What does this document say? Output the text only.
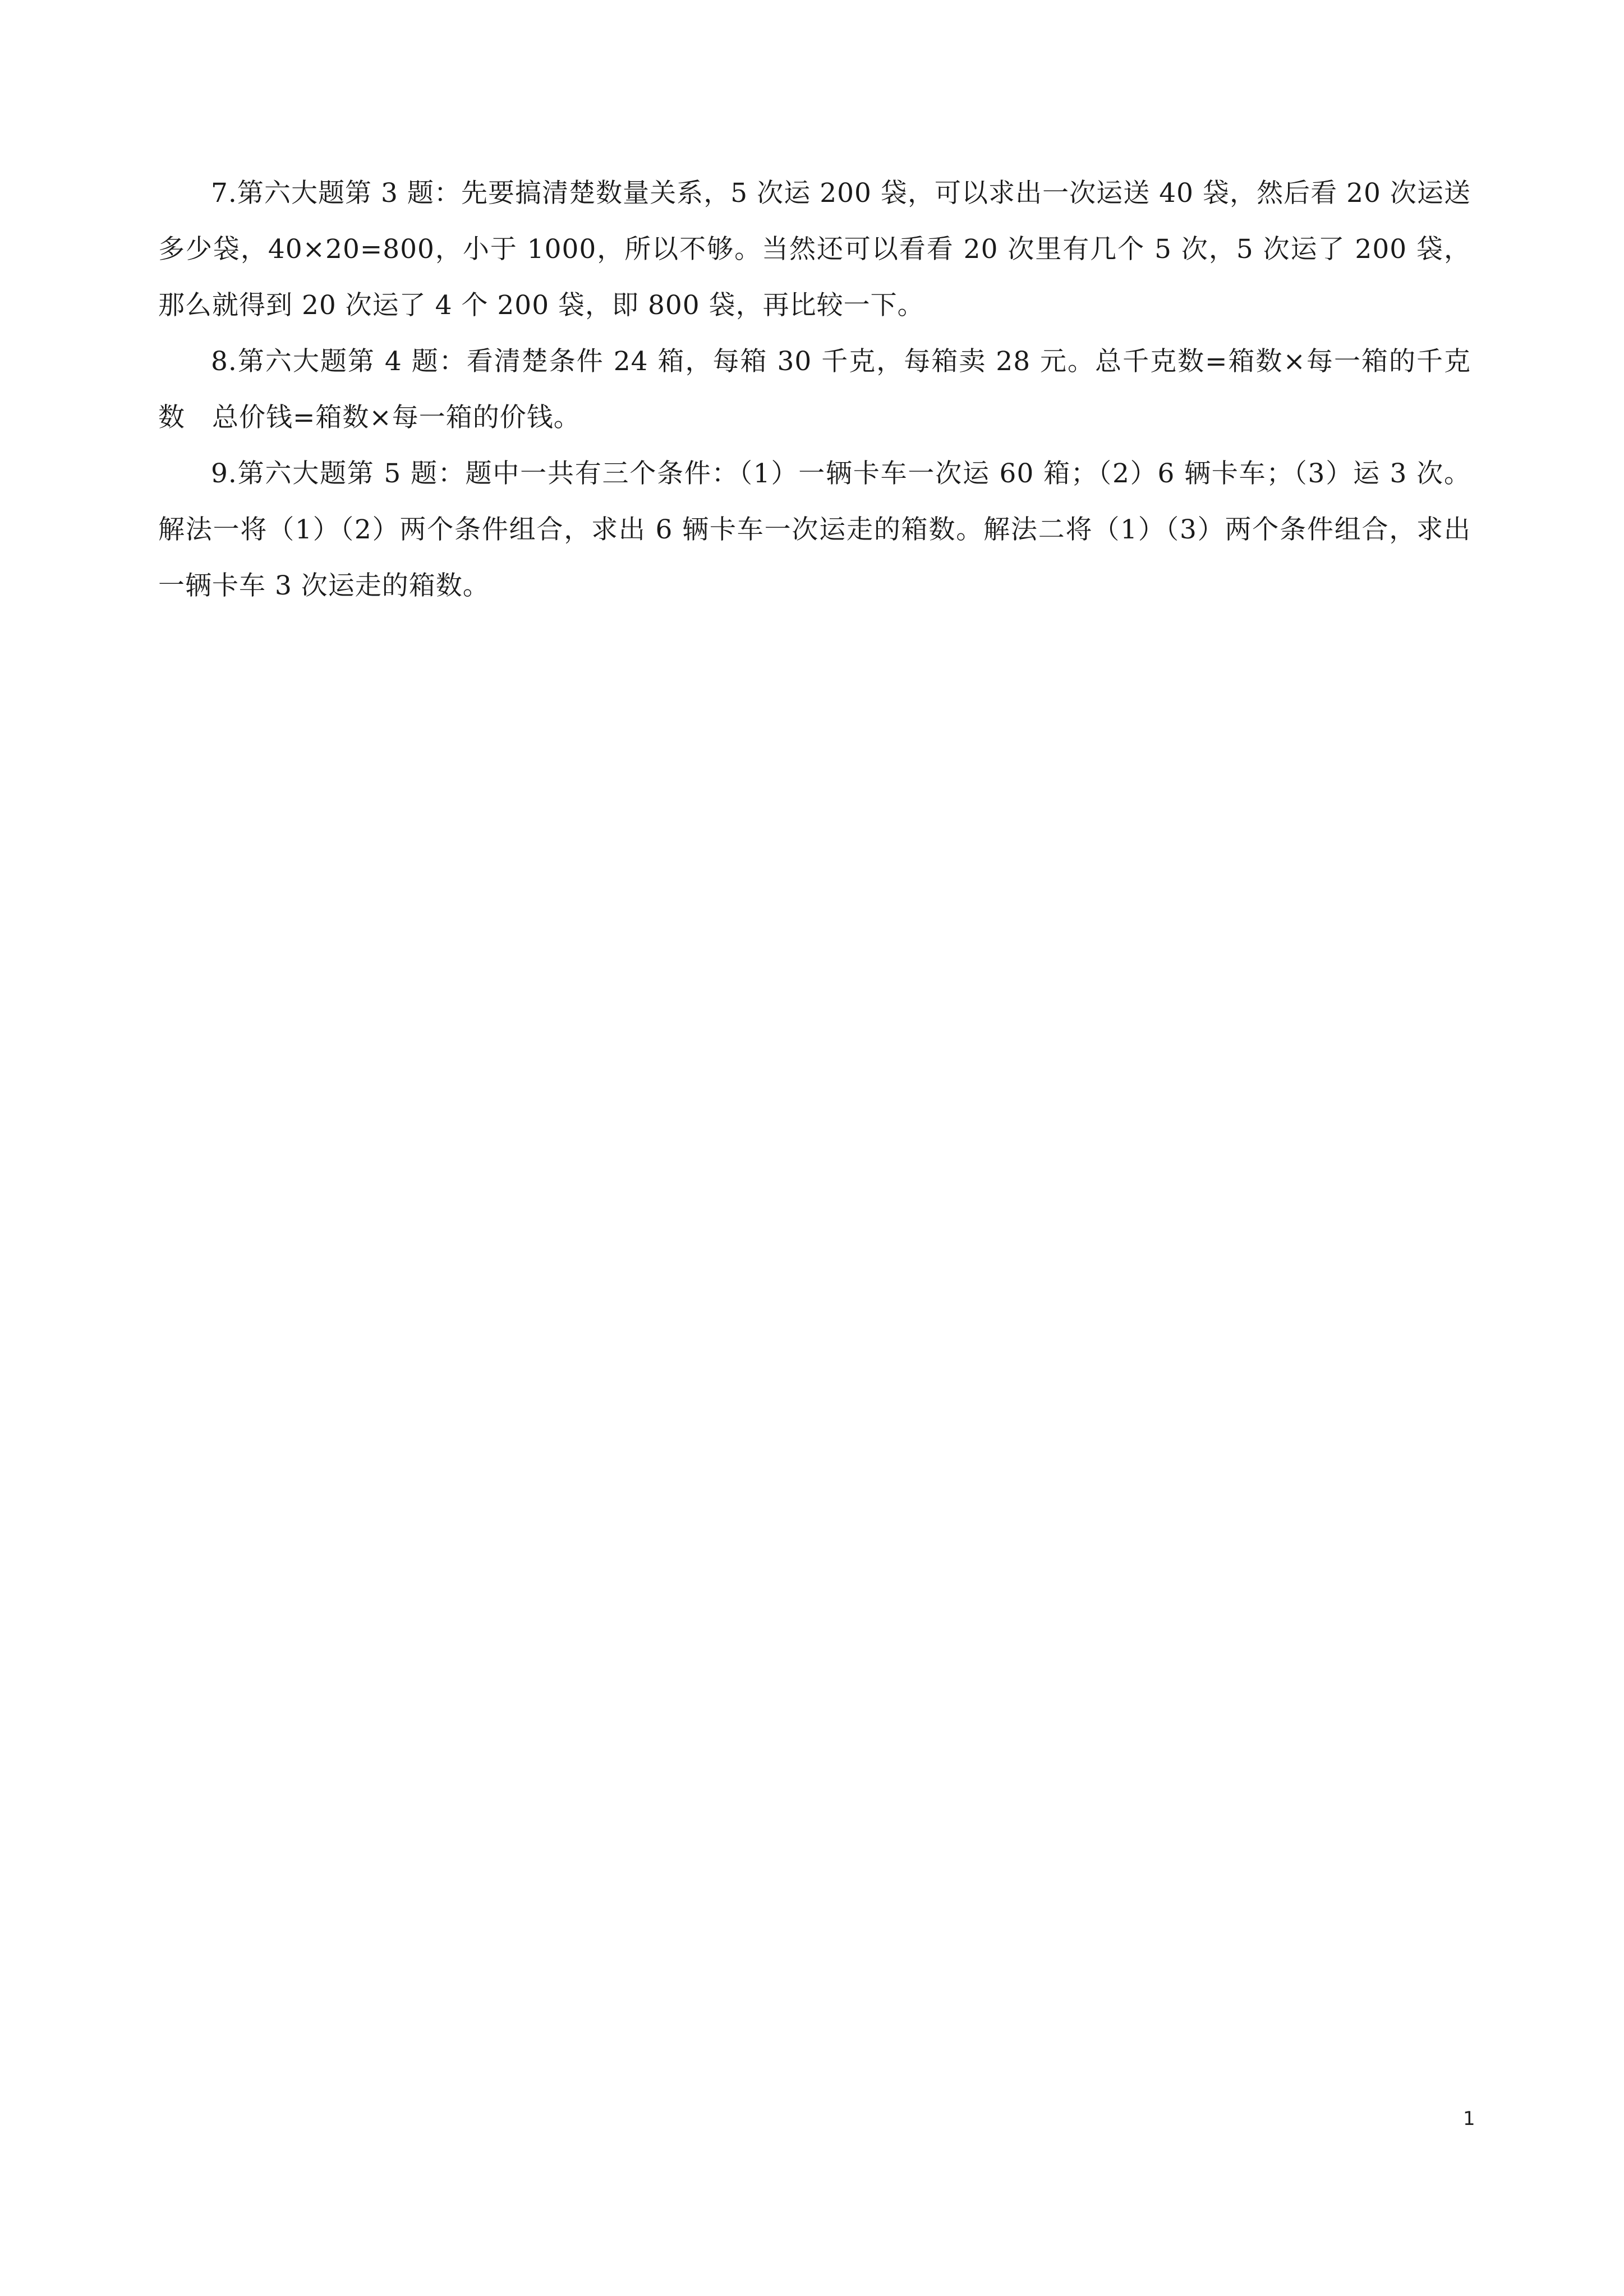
7.第六大题第 3 题：先要搞清楚数量关系，5 次运 200 袋，可以求出一次运送 40 袋，然后看 20 次运送多少袋，40×20=800，小于 1000，所以不够。当然还可以看看 20 次里有几个 5 次，5 次运了 200 袋，那么就得到 20 次运了 4 个 200 袋，即 800 袋，再比较一下。

8.第六大题第 4 题：看清楚条件 24 箱，每箱 30 千克，每箱卖 28 元。总千克数=箱数×每一箱的千克数　总价钱=箱数×每一箱的价钱。

9.第六大题第 5 题：题中一共有三个条件：（1）一辆卡车一次运 60 箱；（2）6 辆卡车；（3）运 3 次。解法一将（1）（2）两个条件组合，求出 6 辆卡车一次运走的箱数。解法二将（1）（3）两个条件组合，求出一辆卡车 3 次运走的箱数。

1
